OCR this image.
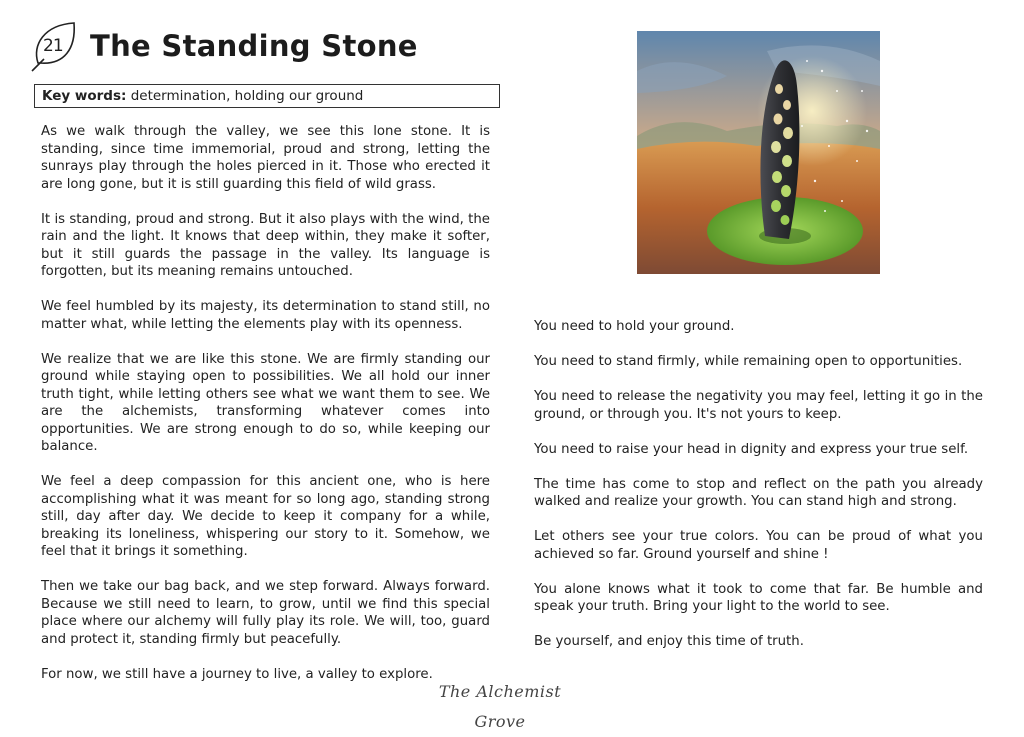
21 The Standing Stone
Key words: determination, holding our ground

As we walk through the valley, we see this lone stone. It is standing, since time immemorial, proud and strong, letting the sunrays play through the holes pierced in it. Those who erected it are long gone, but it is still guarding this field of wild grass.

It is standing, proud and strong. But it also plays with the wind, the rain and the light. It knows that deep within, they make it softer, but it still guards the passage in the valley. Its language is forgotten, but its meaning remains untouched.

We feel humbled by its majesty, its determination to stand still, no matter what, while letting the elements play with its openness.

We realize that we are like this stone. We are firmly standing our ground while staying open to possibilities. We all hold our inner truth tight, while letting others see what we want them to see. We are the alchemists, transforming whatever comes into opportunities. We are strong enough to do so, while keeping our balance.

We feel a deep compassion for this ancient one, who is here accomplishing what it was meant for so long ago, standing strong still, day after day. We decide to keep it company for a while, breaking its loneliness, whispering our story to it. Somehow, we feel that it brings it something.

Then we take our bag back, and we step forward. Always forward. Because we still need to learn, to grow, until we find this special place where our alchemy will fully play its role. We will, too, guard and protect it, standing firmly but peacefully.

For now, we still have a journey to live, a valley to explore.

You need to hold your ground.

You need to stand firmly, while remaining open to opportunities.

You need to release the negativity you may feel, letting it go in the ground, or through you. It's not yours to keep.

You need to raise your head in dignity and express your true self.

The time has come to stop and reflect on the path you already walked and realize your growth. You can stand high and strong.

Let others see your true colors. You can be proud of what you achieved so far. Ground yourself and shine !

You alone knows what it took to come that far. Be humble and speak your truth. Bring your light to the world to see.

Be yourself, and enjoy this time of truth.

The Alchemist Grove
